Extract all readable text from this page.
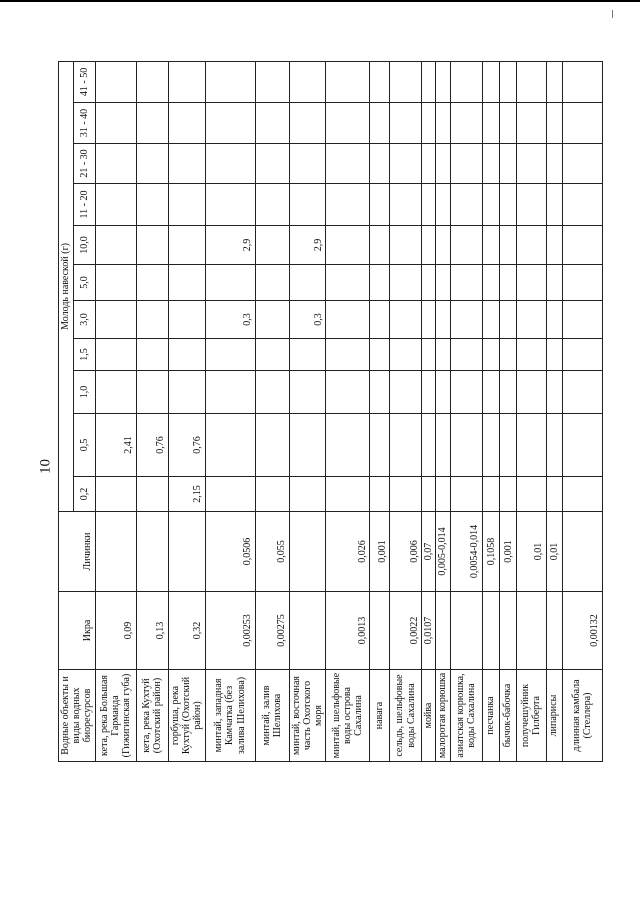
10
Водные объекты и виды водных биоресурсов	Икра	Личинки	Молодь навеской (г)										
			0,2	0,5	1,0	1,5	3,0	5,0	10,0	11 - 20	21 - 30	31 - 40	41 - 50
кета, река Большая Гарманда (Гижигинская губа)	0,09			2,41									
кета, река Кухтуй (Охотский район)	0,13			0,76									
горбуша, река Кухтуй (Охотский район)	0,32		2,15	0,76									
минтай, западная Камчатка (без залива Шелихова)	0,00253	0,0506					0,3		2,9				
минтай, залив Шелихова	0,00275	0,055											
минтай, восточная часть Охотского моря							0,3		2,9				
минтай, шельфовые воды острова Сахалина	0,0013	0,026											
навага		0,001											
сельдь, шельфовые воды Сахалина	0,0022	0,006											
мойва	0,0107	0,07											
малоротая корюшка		0,005-0,014											
азиатская корюшка, воды Сахалина		0,0054-0,014											
песчанка		0,1058											
бычок-бабочка		0,001											
получешуйник Гилберта		0,01											
липарисы		0,01											
длинная камбала (Стеллера)	0,00132												
